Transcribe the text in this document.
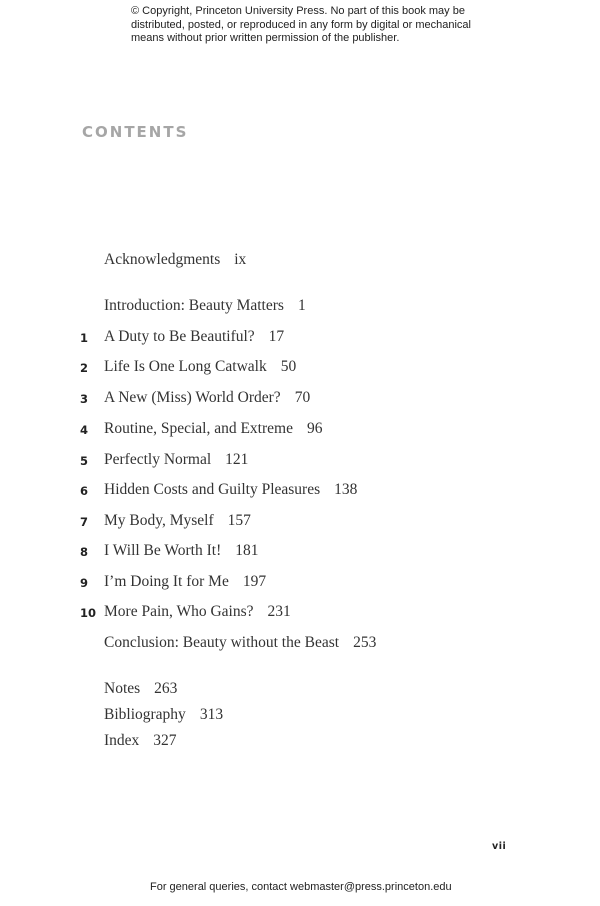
© Copyright, Princeton University Press. No part of this book may be
distributed, posted, or reproduced in any form by digital or mechanical
means without prior written permission of the publisher.
CONTENTS
Acknowledgments ix
Introduction: Beauty Matters 1
1	A Duty to Be Beautiful? 17
2	Life Is One Long Catwalk 50
3	A New (Miss) World Order? 70
4	Routine, Special, and Extreme 96
5	Perfectly Normal 121
6	Hidden Costs and Guilty Pleasures 138
7	My Body, Myself 157
8	I Will Be Worth It! 181
9	I’m Doing It for Me 197
10 More Pain, Who Gains? 231
Conclusion: Beauty without the Beast 253
Notes 263
Bibliography 313
Index 327
vii
For general queries, contact webmaster@press.princeton.edu
